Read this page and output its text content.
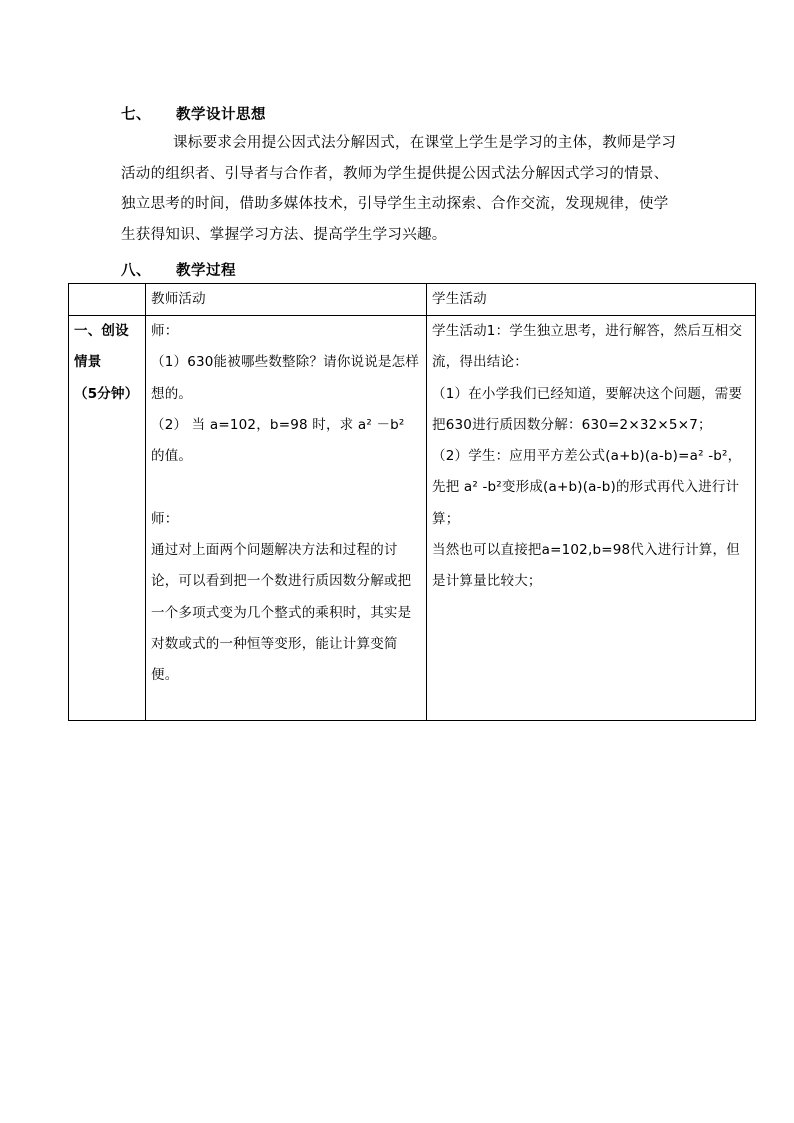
七、 教学设计思想
课标要求会用提公因式法分解因式，在课堂上学生是学习的主体，教师是学习活动的组织者、引导者与合作者，教师为学生提供提公因式法分解因式学习的情景、独立思考的时间，借助多媒体技术，引导学生主动探索、合作交流，发现规律，使学生获得知识、掌握学习方法、提高学生学习兴趣。
八、 教学过程
	教师活动	学生活动

一、创设
情景
（5分钟）	师：
（1）630能被哪些数整除？请你说说是怎样想的。
（2） 当 a=102，b=98 时，求 a² －b² 的值。
师：
通过对上面两个问题解决方法和过程的讨论，可以看到把一个数进行质因数分解或把一个多项式变为几个整式的乘积时，其实是对数或式的一种恒等变形，能让计算变简便。	学生活动1：学生独立思考，进行解答，然后互相交流，得出结论：
（1）在小学我们已经知道，要解决这个问题，需要把630进行质因数分解：630=2×32×5×7；
（2）学生：应用平方差公式(a+b)(a-b)=a² -b²，先把 a² -b²变形成(a+b)(a-b)的形式再代入进行计算；
当然也可以直接把a=102,b=98代入进行计算，但是计算量比较大；
